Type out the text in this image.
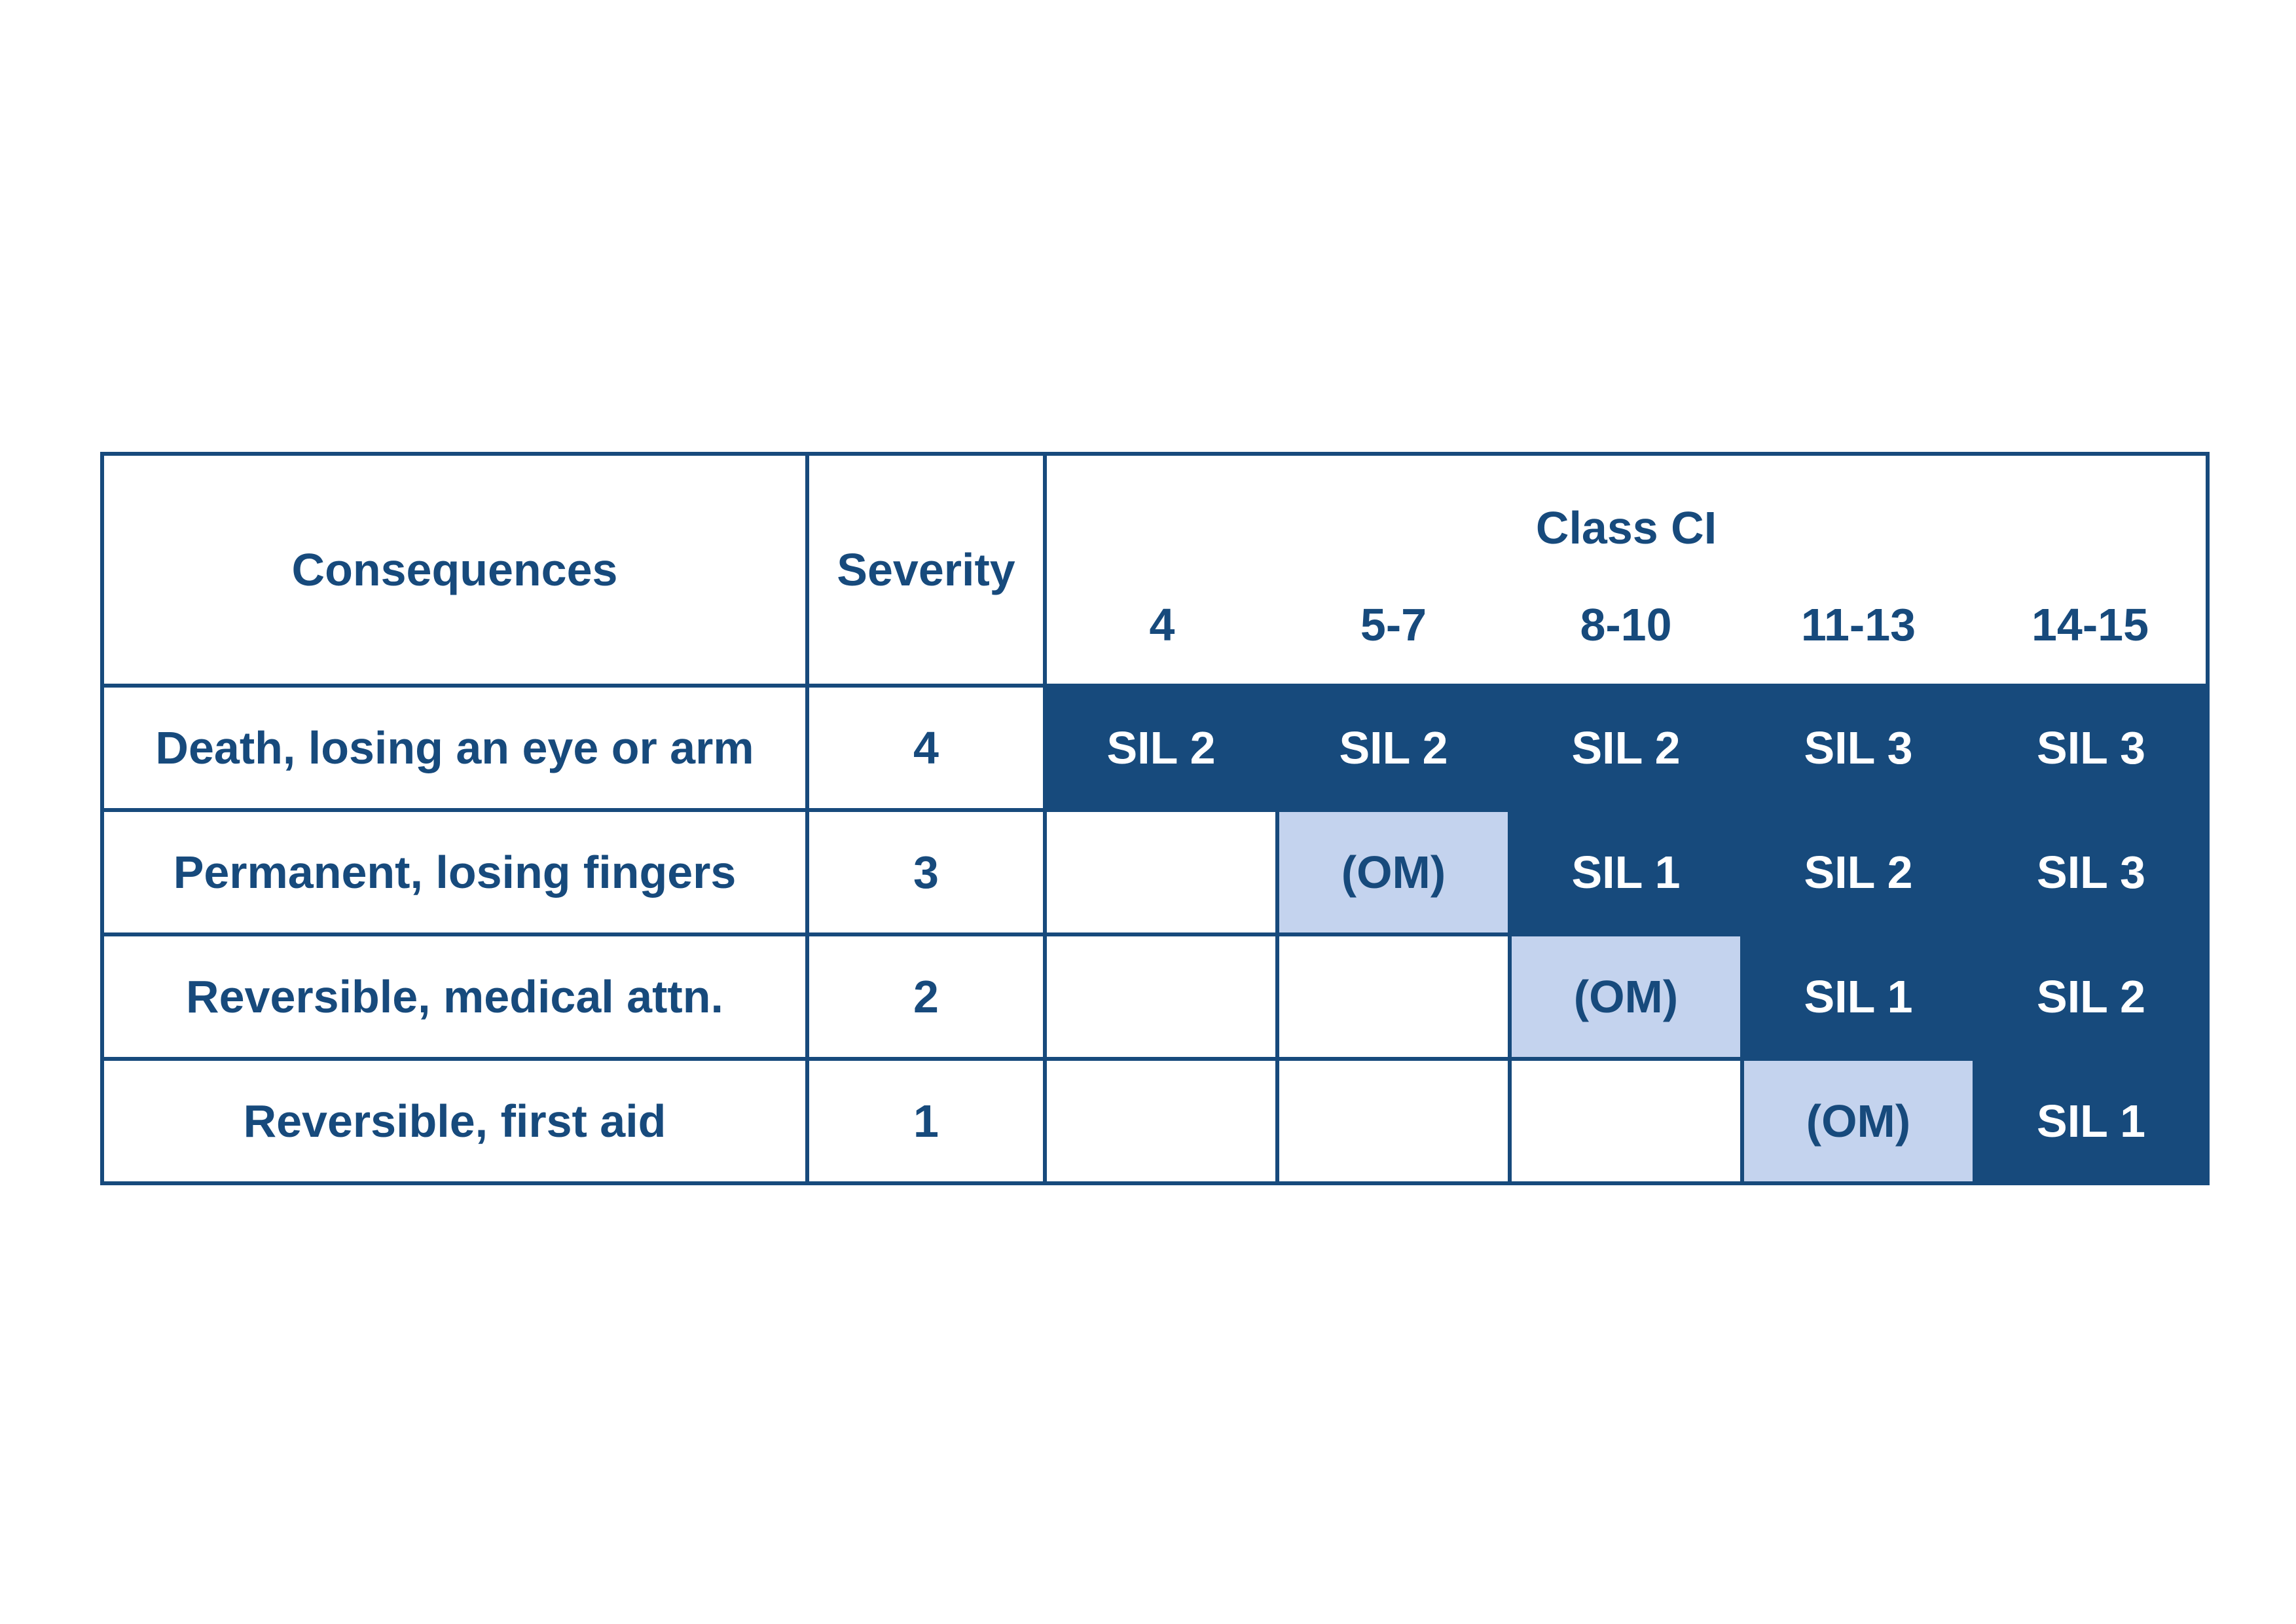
Consequences	Severity	Class CI				
		4	5-7	8-10	11-13	14-15
Death, losing an eye or arm	4	SIL 2	SIL 2	SIL 2	SIL 3	SIL 3
Permanent, losing fingers	3		(OM)	SIL 1	SIL 2	SIL 3
Reversible, medical attn.	2			(OM)	SIL 1	SIL 2
Reversible, first aid	1				(OM)	SIL 1
